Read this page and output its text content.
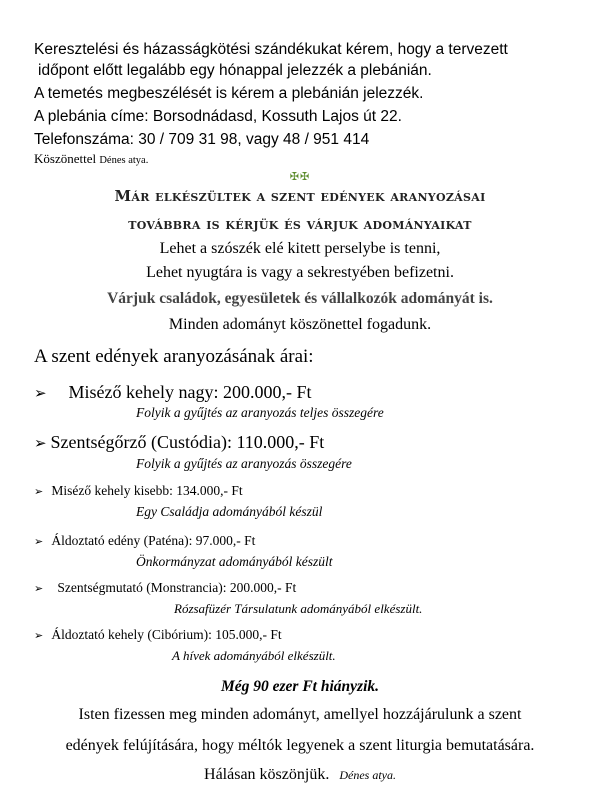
Keresztelési és házasságkötési szándékukat kérem, hogy a tervezett
időpont előtt legalább egy hónappal jelezzék a plebánián.
A temetés megbeszélését is kérem a plebánián jelezzék.
A plebánia címe: Borsodnádasd, Kossuth Lajos út 22.
Telefonszáma: 30 / 709 31 98, vagy 48 / 951 414
Köszönettel Dénes atya.
✠✠
Már elkészültek a szent edények aranyozásai
továbbra is kérjük és várjuk adományaikat
Lehet a szószék elé kitett perselybe is tenni,
Lehet nyugtára is vagy a sekrestyében befizetni.
Várjuk családok, egyesületek és vállalkozók adományát is.
Minden adományt köszönettel fogadunk.
A szent edények aranyozásának árai:
➢ Miséző kehely nagy: 200.000,- Ft
Folyik a gyűjtés az aranyozás teljes összegére
➢ Szentségőrző (Custódia): 110.000,- Ft
Folyik a gyűjtés az aranyozás összegére
➢ Miséző kehely kisebb: 134.000,- Ft
Egy Családja adományából készül
➢ Áldoztató edény (Paténa): 97.000,- Ft
Önkormányzat adományából készült
➢ Szentségmutató (Monstrancia): 200.000,- Ft
Rózsafüzér Társulatunk adományából elkészült.
➢ Áldoztató kehely (Cibórium): 105.000,- Ft
A hívek adományából elkészült.
Még 90 ezer Ft hiányzik.
Isten fizessen meg minden adományt, amellyel hozzájárulunk a szent
edények felújítására, hogy méltók legyenek a szent liturgia bemutatására.
Hálásan köszönjük. Dénes atya.
